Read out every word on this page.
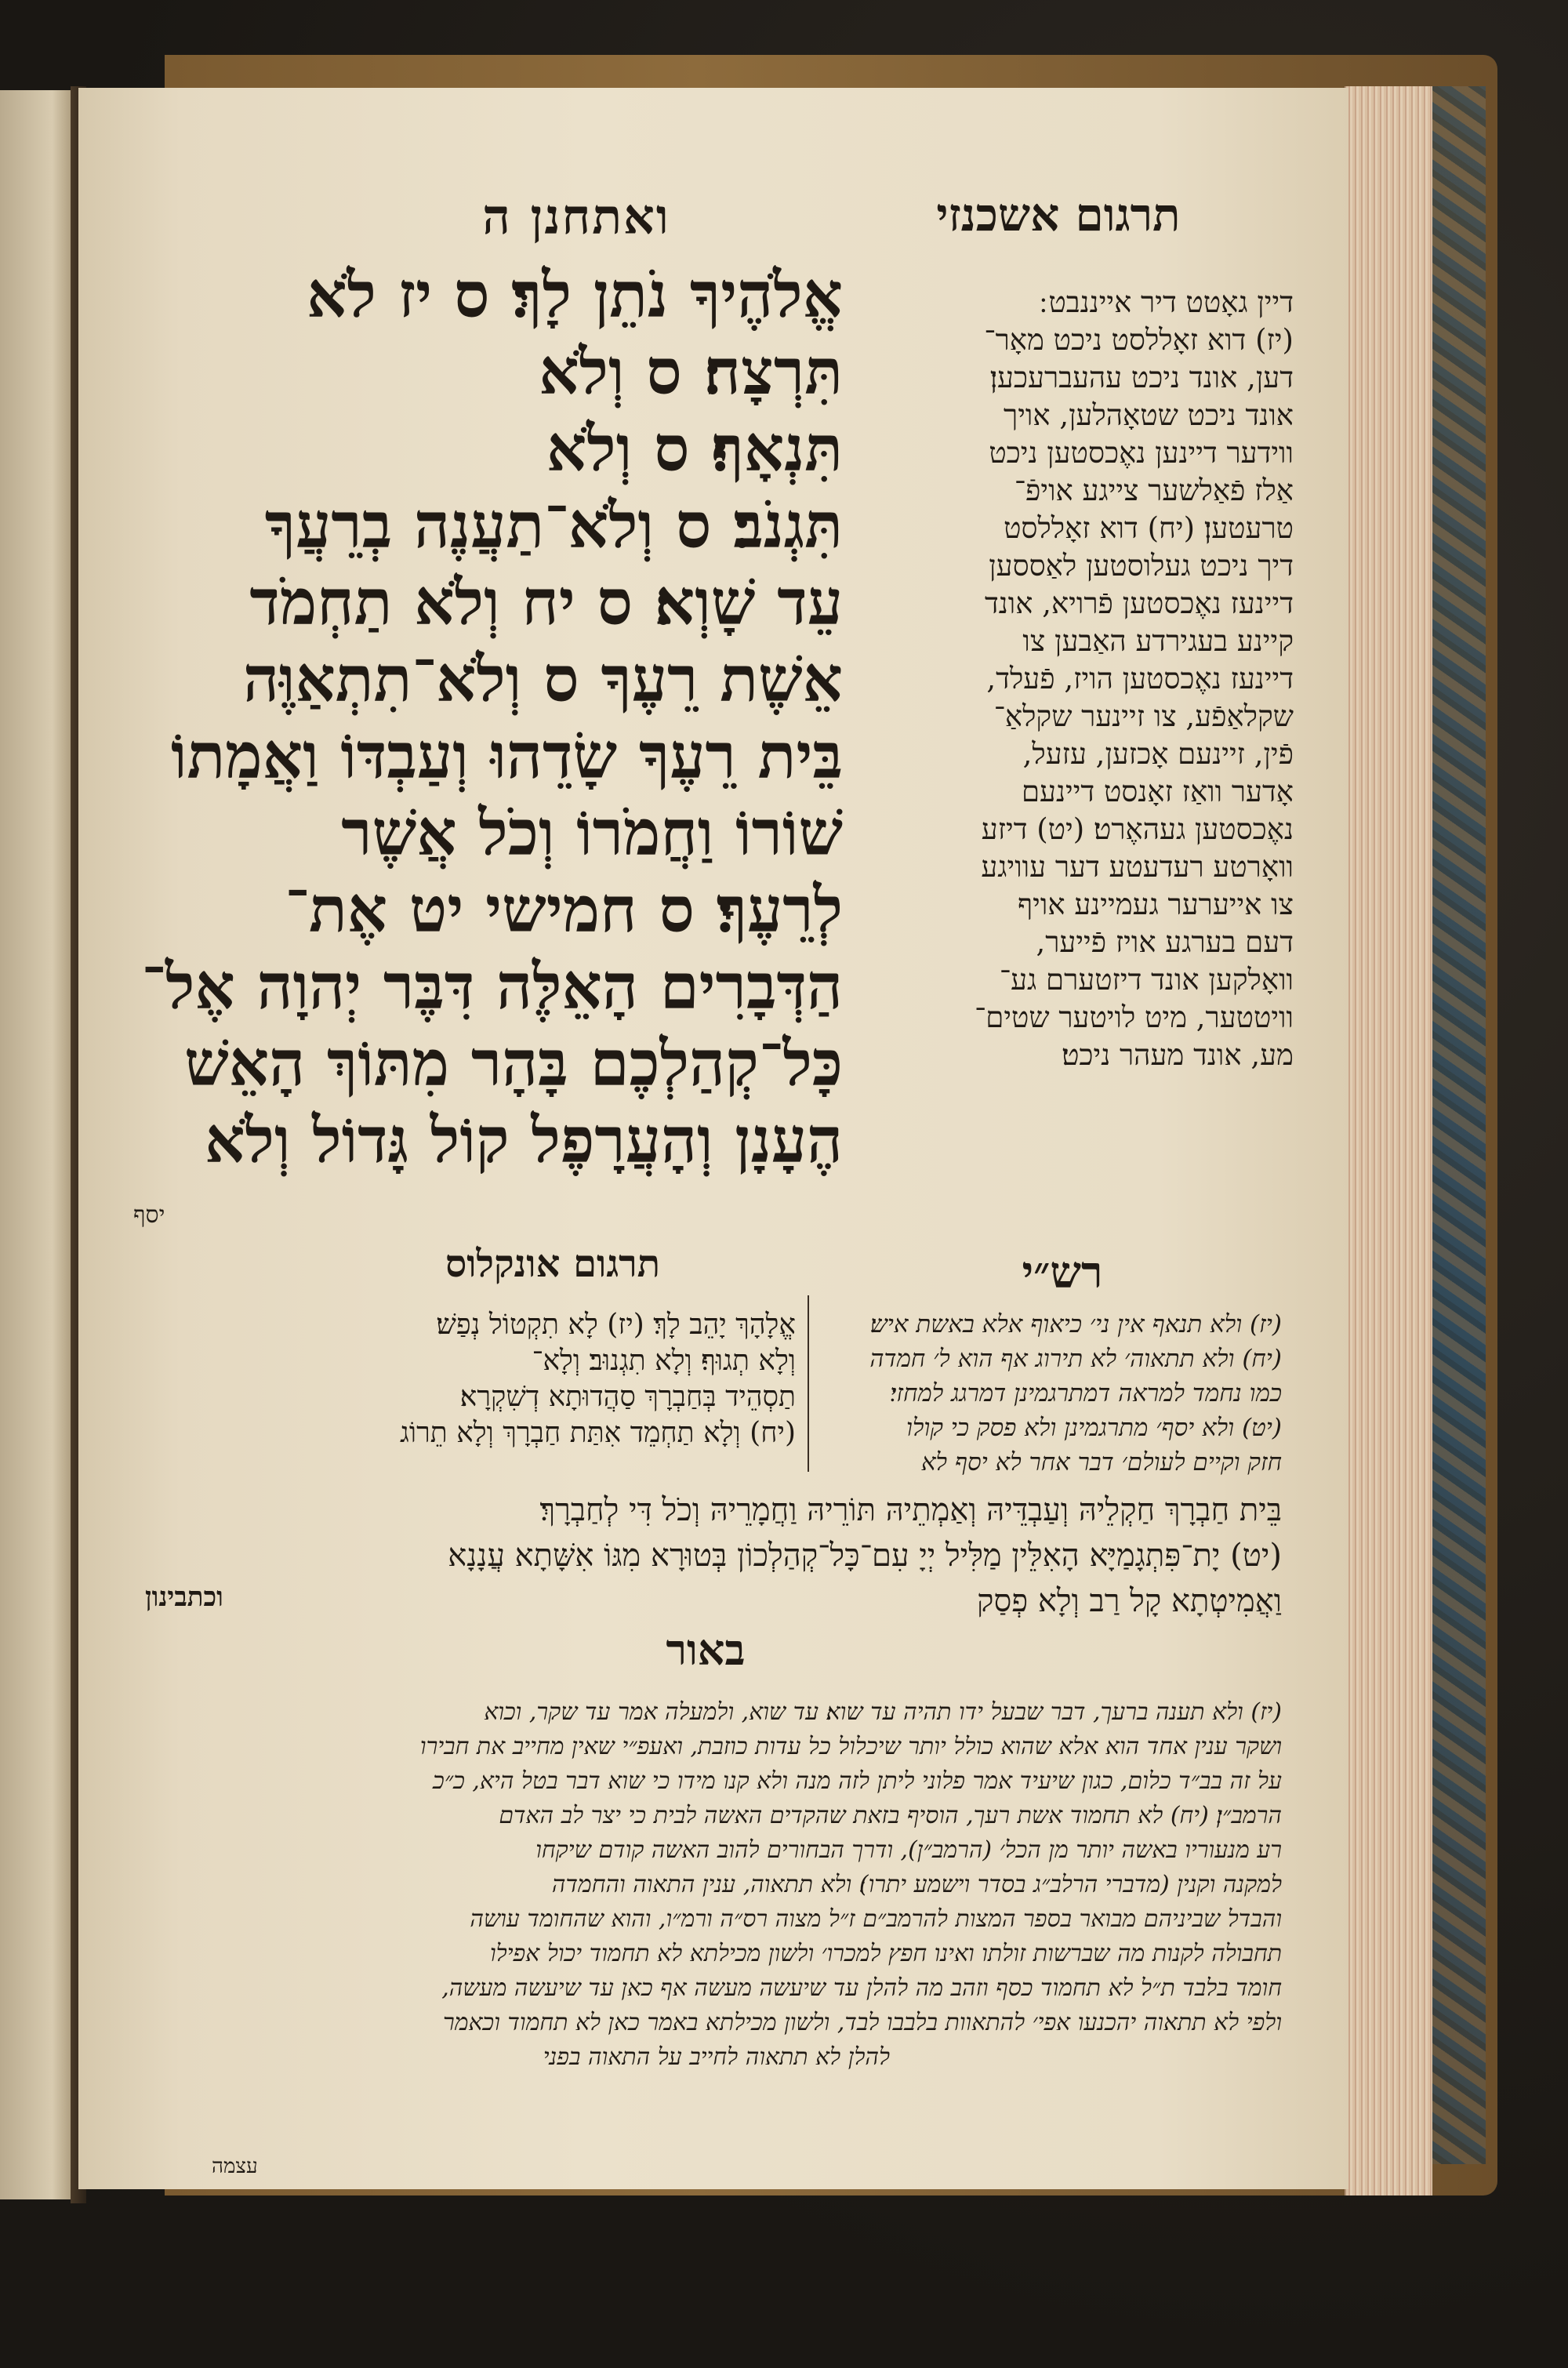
ואתחנן ה	תרגום אשכנזי
אֱלֹהֶיךָ נֹתֵן לָךְ׃ ס יז לֹא
תִּרְצָח׃ ס וְלֹא
תִּנְאָף׃ ס וְלֹא
תִּגְנֹב׃ ס וְלֹא־תַעֲנֶה בְרֵעֲךָ
עֵד שָׁוְא׃ ס יח וְלֹא תַחְמֹד
אֵשֶׁת רֵעֶךָ ס וְלֹא־תִתְאַוֶּה
בֵּית רֵעֶךָ שָׂדֵהוּ וְעַבְדּוֹ וַאֲמָתוֹ
שׁוֹרוֹ וַחֲמֹרוֹ וְכֹל אֲשֶׁר
לְרֵעֶךָ׃ ס חמישי יט אֶת־
הַדְּבָרִים הָאֵלֶּה דִּבֶּר יְהוָה אֶל־
כָּל־קְהַלְכֶם בָּהָר מִתּוֹךְ הָאֵשׁ
הֶעָנָן וְהָעֲרָפֶל קוֹל גָּדוֹל וְלֹא
יסף
דיין גאָטט דיר אייננבט ׃
(יז) דוא זאָללסט ניכט מאָר־
דען, אונד ניכט עהעברעכען׃
אונד ניכט שטאָהלען, אויך
ווידער דיינען נאֶכסטען ניכט
אַלז פֿאַלשער צייגע אויפֿ־
טרעטען׃ (יח) דוא זאָללסט
דיך ניכט געלוסטען לאַססען
דיינעז נאֶכסטען פֿרויא, אונד
קיינע בעגירדע האַבען צו
דיינעז נאֶכסטען הויז, פֿעלד,
שקלאַפֿע, צו זיינער שקלאַ־
פֿין, זיינעם אָכזען, עזעל,
אָדער וואַז זאָנסט דיינעם
נאֶכסטען געהאֶרט׃ (יט) דיזע
וואָרטע רעדעטע דער עוויגע
צו אייערער געמיינע אויף
דעם בערגע אויז פֿייער,
וואָלקען אונד דיזטערם גע־
וויטטער, מיט לויטער שטים־
מע, אונד מעהר ניכט׃
רש״י
תרגום אונקלוס
אֱלָהָךְ יָהֵב לָךְ׃ (יז) לָא תִקְטוֹל נְפַשׁ׃
וְלָא תְגוּף׃ וְלָא תִגְנוּב׃ וְלָא־
תַסְהֵיד בְּחַבְרָךְ סַהֲדוּתָא דְשִׁקְרָא׃
(יח) וְלָא תַחְמֵד אִתַּת חַבְרָךְ וְלָא תֵרוֹג
(יז) ולא תנאף אין ני׳ כיאוף אלא באשת איש׃
(יח) ולא תתאוה׳ לא תירוג אף הוא ל׳ חמדה
כמו נחמד למראה דמתרגמינן דמרגג למחזי׃
(יט) ולא יסף׳ מתרגמינן ולא פסק כי קולו
חזק וקיים לעולם׳ דבר אחר לא יסף לא
בֵּית חַבְרָךְ חַקְלֵיהּ וְעַבְדֵּיהּ וְאַמְתֵיהּ תּוֹרֵיהּ וַחֲמָרֵיהּ וְכֹל דִּי לְחַבְרָךְ׃
(יט) יָת־פִּתְגָמַיָּא הָאִלֵּין מַלִּיל יְיָ עִם־כָּל־קְהַלְכוֹן בְּטוּרָא מִגּוֹ אִשָּׁתָא עֲנָנָא
וַאֲמִיטְתָא קָל רַב וְלָא פְסַק
וכתבינון
באור
(יז) ולא תענה ברעך, דבר שבעל ידו תהיה עד שוא׃ עד שוא, ולמעלה אמר עד שקר, וכוא
ושקר ענין אחד הוא אלא שהוא כולל יותר שיכלול כל עדות כוזבת, ואעפ״י שאין מחייב את חבירו
על זה בב״ד כלום, כגון שיעיד אמר פלוני ליתן לזה מנה ולא קנו מידו כי שוא דבר בטל היא, כ״כ
הרמב״ן׃ (יח) לא תחמוד אשת רעך, הוסיף בזאת שהקדים האשה לבית כי יצר לב האדם
רע מנעוריו באשה יותר מן הכל׳ (הרמב״ן), ודרך הבחורים להוב האשה קודם שיקחו
למקנה וקנין (מדברי הרלב״ג בסדר וישמע יתרו)׃ ולא תתאוה, ענין התאוה והחמדה
והבדל שביניהם מבואר בספר המצות להרמב״ם ז״ל מצוה רס״ה ורמ״ו, והוא שהחומד עושה
תחבולה לקנות מה שברשות זולתו ואינו חפץ למכרו׳ ולשון מכילתא לא תחמוד יכול אפילו
חומד בלבד ת״ל לא תחמוד כסף וזהב מה להלן עד שיעשה מעשה אף כאן עד שיעשה מעשה,
ולפי לא תתאוה יהכנעו אפי׳ להתאוות בלבבו לבד, ולשון מכילתא באמר כאן לא תחמוד וכאמר
להלן לא תתאוה לחייב על התאוה בפני
עצמה
